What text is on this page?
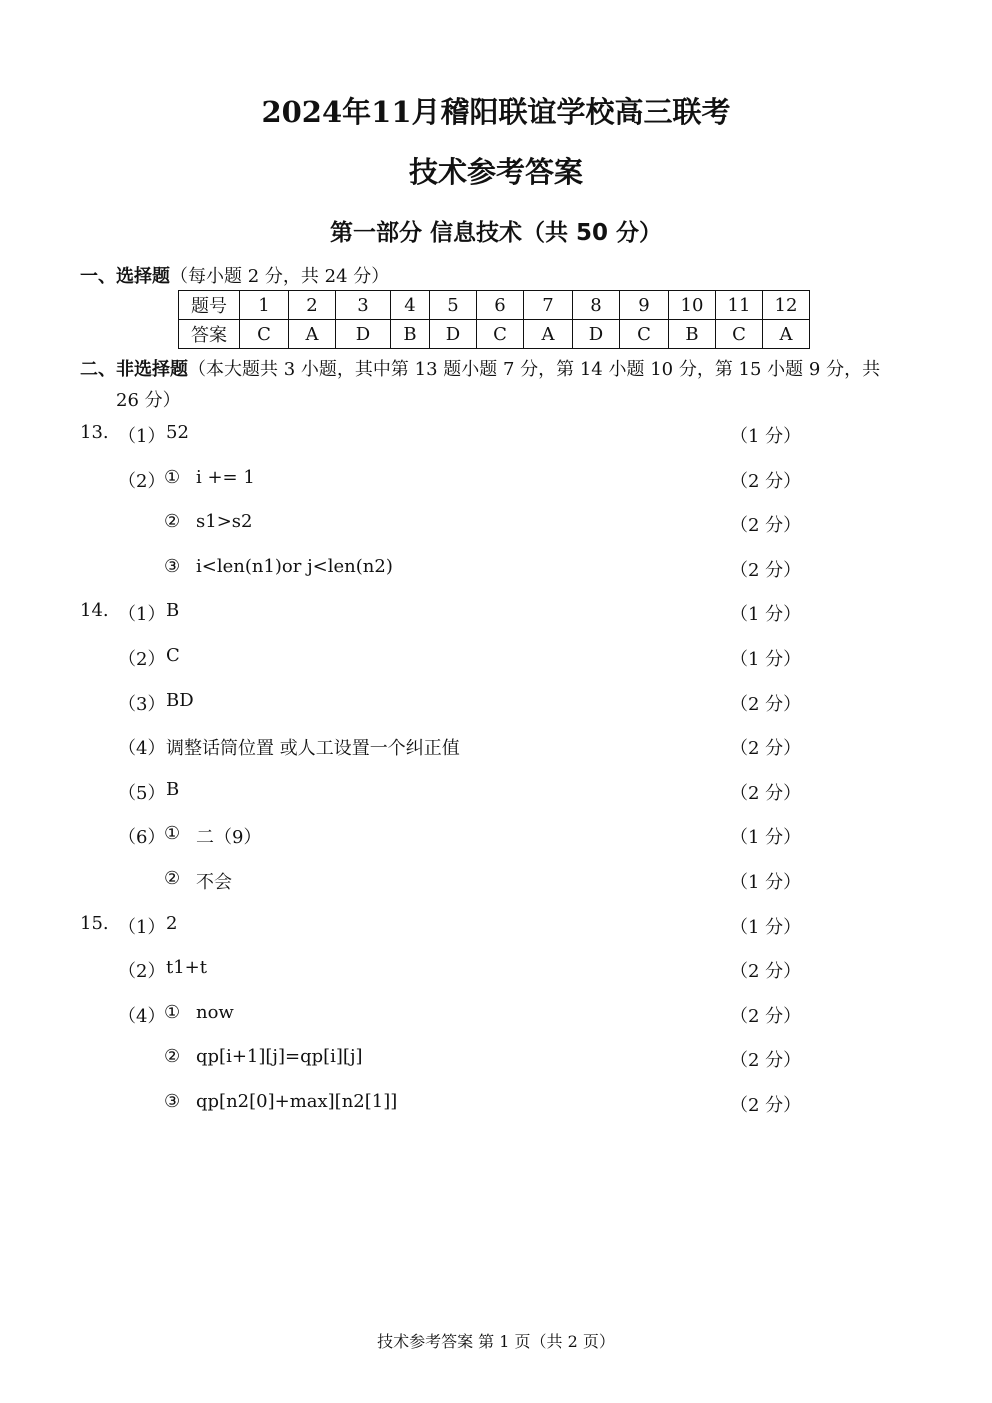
2024年11月稽阳联谊学校高三联考
技术参考答案
第一部分 信息技术（共 50 分）
一、选择题（每小题 2 分，共 24 分）
题号	1	2	3	4	5	6	7	8	9	10	11	12
答案	C	A	D	B	D	C	A	D	C	B	C	A
二、非选择题（本大题共 3 小题，其中第 13 题小题 7 分，第 14 小题 10 分，第 15 小题 9 分，共
26 分）
13. （1） 52	（1 分）
（2）
① i += 1	（2 分）
② s1>s2	（2 分）
③ i<len(n1)or j<len(n2)	（2 分）
14. （1） B	（1 分）
（2） C	（1 分）
（3） BD	（2 分）
（4） 调整话筒位置 或人工设置一个纠正值	（2 分）
（5） B	（2 分）
（6）
① 二（9）	（1 分）
② 不会	（1 分）
15. （1） 2	（1 分）
（2） t1+t	（2 分）
（4）
① now	（2 分）
② qp[i+1][j]=qp[i][j]	（2 分）
③ qp[n2[0]+max][n2[1]]	（2 分）
技术参考答案 第 1 页（共 2 页）
